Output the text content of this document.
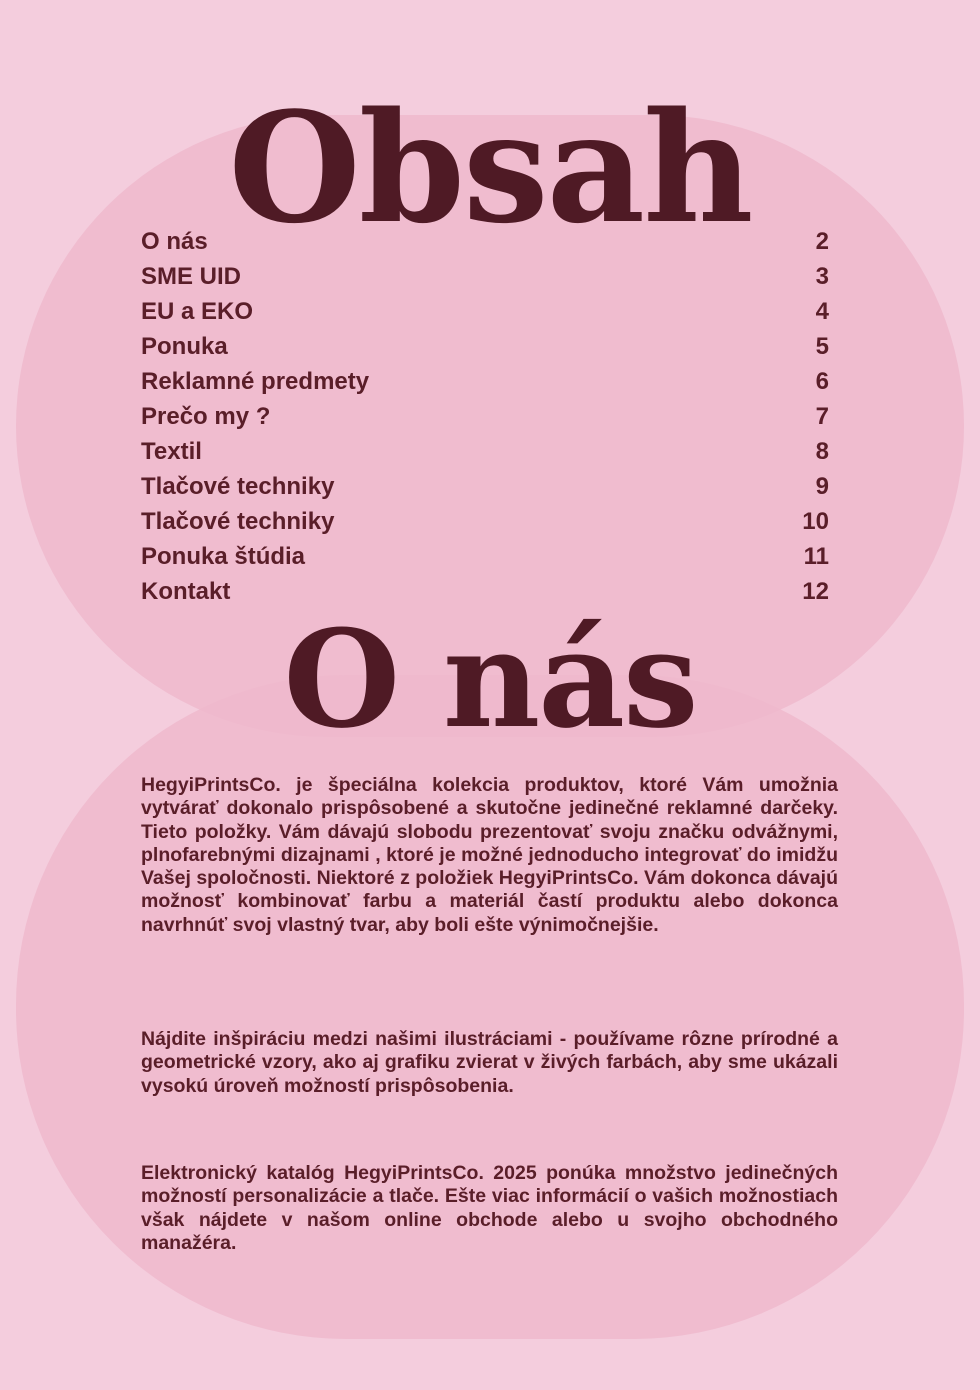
Obsah
O nás	2
SME UID	3
EU a EKO	4
Ponuka	5
Reklamné predmety	6
Prečo my ?	7
Textil	8
Tlačové techniky	9
Tlačové techniky	10
Ponuka štúdia	11
Kontakt	12
O nás

HegyiPrintsCo. je špeciálna kolekcia produktov, ktoré Vám umožnia vytvárať dokonalo prispôsobené a skutočne jedinečné reklamné darčeky. Tieto položky. Vám dávajú slobodu prezentovať svoju značku odvážnymi, plnofarebnými dizajnami , ktoré je možné jednoducho integrovať do imidžu Vašej spoločnosti. Niektoré z položiek HegyiPrintsCo. Vám dokonca dávajú možnosť kombinovať farbu a materiál častí produktu alebo dokonca navrhnúť svoj vlastný tvar, aby boli ešte výnimočnejšie.

Nájdite inšpiráciu medzi našimi ilustráciami - používame rôzne prírodné a geometrické vzory, ako aj grafiku zvierat v živých farbách, aby sme ukázali vysokú úroveň možností prispôsobenia.

Elektronický katalóg HegyiPrintsCo. 2025 ponúka množstvo jedinečných možností personalizácie a tlače. Ešte viac informácií o vašich možnostiach však nájdete v našom online obchode alebo u svojho obchodného manažéra.
